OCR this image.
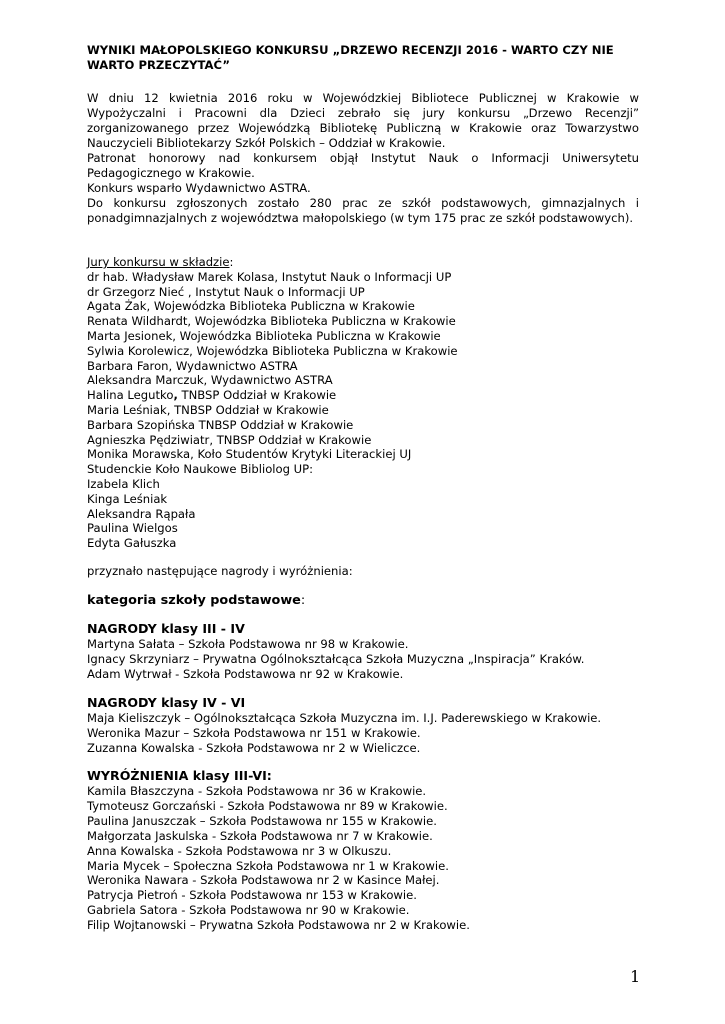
WYNIKI MAŁOPOLSKIEGO KONKURSU „DRZEWO RECENZJI 2016 - WARTO CZY NIE WARTO PRZECZYTAĆ”

W dniu 12 kwietnia 2016 roku w Wojewódzkiej Bibliotece Publicznej w Krakowie w Wypożyczalni i Pracowni dla Dzieci zebrało się jury konkursu „Drzewo Recenzji” zorganizowanego przez Wojewódzką Bibliotekę Publiczną w Krakowie oraz Towarzystwo Nauczycieli Bibliotekarzy Szkół Polskich – Oddział w Krakowie.

Patronat honorowy nad konkursem objął Instytut Nauk o Informacji Uniwersytetu Pedagogicznego w Krakowie.

Konkurs wsparło Wydawnictwo ASTRA.

Do konkursu zgłoszonych zostało 280 prac ze szkół podstawowych, gimnazjalnych i ponadgimnazjalnych z województwa małopolskiego (w tym 175 prac ze szkół podstawowych).

Jury konkursu w składzie:
dr hab. Władysław Marek Kolasa, Instytut Nauk o Informacji UP
dr Grzegorz Nieć , Instytut Nauk o Informacji UP
Agata Żak, Wojewódzka Biblioteka Publiczna w Krakowie
Renata Wildhardt, Wojewódzka Biblioteka Publiczna w Krakowie
Marta Jesionek, Wojewódzka Biblioteka Publiczna w Krakowie
Sylwia Korolewicz, Wojewódzka Biblioteka Publiczna w Krakowie
Barbara Faron, Wydawnictwo ASTRA
Aleksandra Marczuk, Wydawnictwo ASTRA
Halina Legutko, TNBSP Oddział w Krakowie
Maria Leśniak, TNBSP Oddział w Krakowie
Barbara Szopińska TNBSP Oddział w Krakowie
Agnieszka Pędziwiatr, TNBSP Oddział w Krakowie
Monika Morawska, Koło Studentów Krytyki Literackiej UJ
Studenckie Koło Naukowe Bibliolog UP:
Izabela Klich
Kinga Leśniak
Aleksandra Rąpała
Paulina Wielgos
Edyta Gałuszka
przyznało następujące nagrody i wyróżnienia:
kategoria szkoły podstawowe:
NAGRODY klasy III - IV
Martyna Sałata – Szkoła Podstawowa nr 98 w Krakowie.
Ignacy Skrzyniarz – Prywatna Ogólnokształcąca Szkoła Muzyczna „Inspiracja” Kraków.
Adam Wytrwał - Szkoła Podstawowa nr 92 w Krakowie.
NAGRODY klasy IV - VI
Maja Kieliszczyk – Ogólnokształcąca Szkoła Muzyczna im. I.J. Paderewskiego w Krakowie.
Weronika Mazur – Szkoła Podstawowa nr 151 w Krakowie.
Zuzanna Kowalska - Szkoła Podstawowa nr 2 w Wieliczce.
WYRÓŻNIENIA klasy III-VI:
Kamila Błaszczyna - Szkoła Podstawowa nr 36 w Krakowie.
Tymoteusz Gorczański - Szkoła Podstawowa nr 89 w Krakowie.
Paulina Januszczak – Szkoła Podstawowa nr 155 w Krakowie.
Małgorzata Jaskulska - Szkoła Podstawowa nr 7 w Krakowie.
Anna Kowalska - Szkoła Podstawowa nr 3 w Olkuszu.
Maria Mycek – Społeczna Szkoła Podstawowa nr 1 w Krakowie.
Weronika Nawara - Szkoła Podstawowa nr 2 w Kasince Małej.
Patrycja Pietroń - Szkoła Podstawowa nr 153 w Krakowie.
Gabriela Satora - Szkoła Podstawowa nr 90 w Krakowie.
Filip Wojtanowski – Prywatna Szkoła Podstawowa nr 2 w Krakowie.
1
